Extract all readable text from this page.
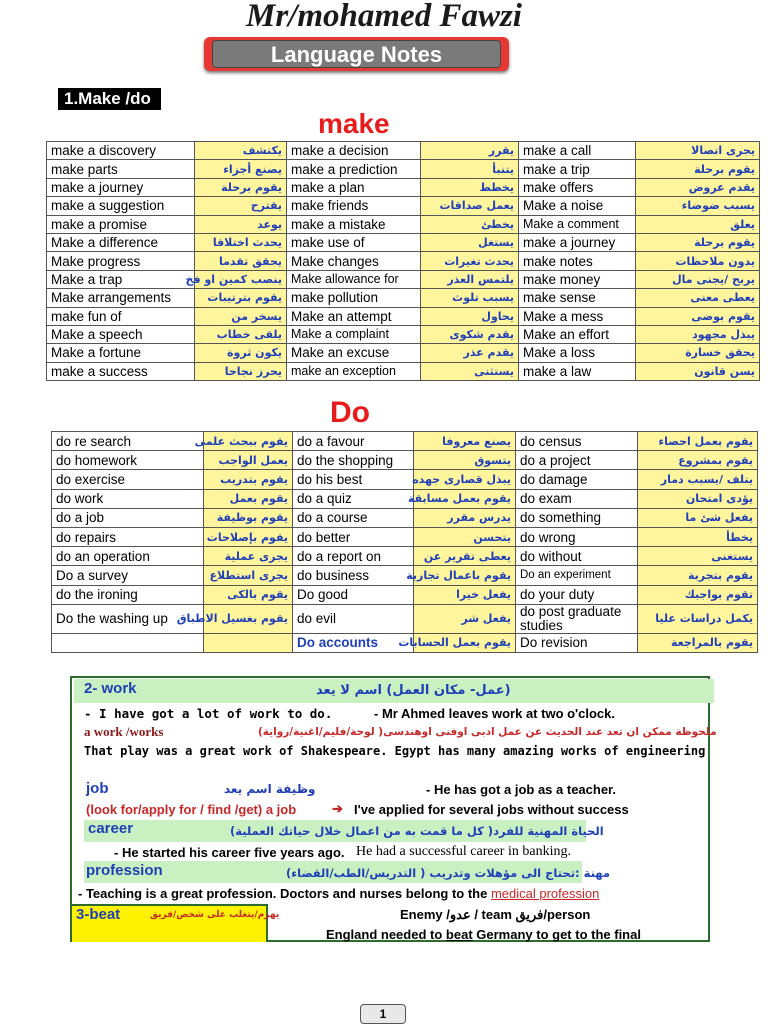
Mr/mohamed Fawzi
Language Notes
1.Make /do
make
make a discovery	يكتشف	make a decision	يقرر	make a call	يجرى اتصالا
make parts	يصنع أجزاء	make a prediction	يتنبأ	make a trip	يقوم برحلة
make a journey	يقوم برحلة	make a plan	يخطط	make offers	يقدم عروض
make a suggestion	يقترح	make friends	يعمل صداقات	Make a noise	يسبب ضوضاء
make a promise	يوعد	make a mistake	يخطئ	Make a comment	يعلق
Make a difference	يحدث اختلافا	make use of	يستغل	make a journey	يقوم برحلة
Make progress	يحقق تقدما	Make changes	يحدث تغيرات	make notes	يدون ملاحظات
Make a trap	ينصب كمين او فخ	Make allowance for	يلتمس العذر	make money	يربح /يجنى مال
Make arrangements	يقوم بترتيبات	make pollution	يسبب تلوث	make sense	يعطى معنى
make fun of	يسخر من	Make an attempt	يحاول	Make a mess	يقوم بوضى
Make a speech	يلقى خطاب	Make a complaint	يقدم شكوى	Make an effort	يبذل مجهود
Make a fortune	يكون ثروة	Make an excuse	يقدم عذر	Make a loss	يحقق خسارة
make a success	يحرز نجاحا	make an exception	يستثنى	make a law	يسن قانون
Do
do re search	يقوم ببحث علمى	do a favour	يصنع معروفا	do census	يقوم بعمل احصاء
do homework	يعمل الواجب	do the shopping	يتسوق	do a project	يقوم بمشروع
do exercise	يقوم بتدريب	do his best	يبذل قصارى جهده	do damage	يتلف /يسبب دمار
do work	يقوم بعمل	do a quiz	يقوم بعمل مسابقة	do exam	يؤدى امتحان
do a job	يقوم بوظيفة	do a course	يدرس مقرر	do something	يفعل شئ ما
do repairs	يقوم بإصلاحات	do better	يتحسن	do wrong	يخطأ
do an operation	يجرى عملية	do a report on	يعطى تقرير عن	do without	يستغنى
Do a survey	يجرى استطلاع	do business	يقوم باعمال تجارية	Do an experiment	يقوم بتجربة
do the ironing	يقوم بالكى	Do good	يفعل خيرا	do your duty	تقوم بواجبك
Do the washing up	يقوم بغسيل الاطباق	do evil	يفعل شر	do post graduate studies	يكمل دراسات عليا
		Do accounts	يقوم بعمل الحسابات	Do revision	يقوم بالمراجعة
2- work	(عمل- مكان العمل) اسم لا يعد
- I have got a lot of work to do.	- Mr Ahmed leaves work at two o'clock.
a work /works	ملحوظة ممكن ان تعد عند الحديث عن عمل ادبى اوفنى اوهندسى( لوحة/فليم/اغنية/رواية)
That play was a great work of Shakespeare. Egypt has many amazing works of engineering
job	وظيفة اسم يعد	- He has got a job as a teacher.
(look for/apply for / find /get) a job	➔ I've applied for several jobs without success
career	الحياة المهنية للفرد( كل ما قمت به من اعمال خلال حياتك العملية)
- He started his career five years ago. He had a successful career in banking.
profession	مهنة :تحتاج الى مؤهلات وتدريب ( التدريس/الطب/القضاء)
- Teaching is a great profession. Doctors and nurses belong to the medical profession
3-beat	يهزم/يتغلب على شخص/فريق	Enemy /عدو / team فريق/person
England needed to beat Germany to get to the final
1
